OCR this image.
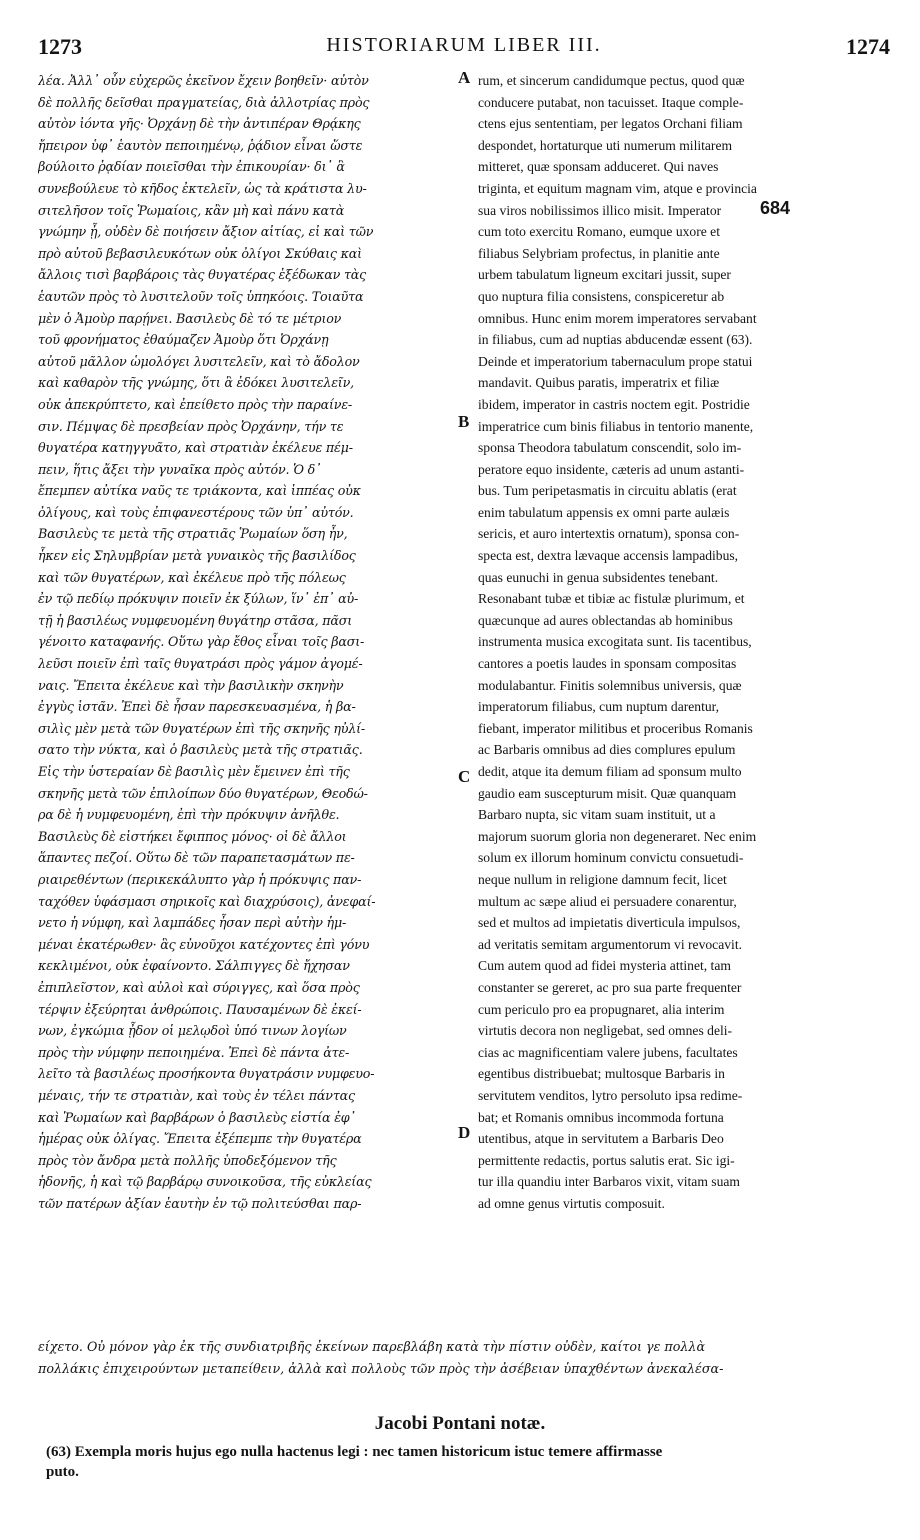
1273	HISTORIARUM LIBER III.	1274
λέα. Ἀλλ᾽ οὖν εὐχερῶς ἐκεῖνον ἔχειν βοηθεῖν· αὐτὸν
δὲ πολλῆς δεῖσθαι πραγματείας, διὰ ἀλλοτρίας πρὸς
αὐτὸν ἰόντα γῆς· Ὀρχάνῃ δὲ τὴν ἀντιπέραν Θρᾴκης
ἤπειρον ὑφ᾽ ἑαυτὸν πεποιημένῳ, ῥᾴδιον εἶναι ὥστε
βούλοιτο ῥᾳδίαν ποιεῖσθαι τὴν ἐπικουρίαν· δι᾽ ἃ
συνεβούλευε τὸ κῆδος ἐκτελεῖν, ὡς τὰ κράτιστα λυ-
σιτελῆσον τοῖς Ῥωμαίοις, κἂν μὴ καὶ πάνυ κατὰ
γνώμην ᾖ, οὐδὲν δὲ ποιήσειν ἄξιον αἰτίας, εἰ καὶ τῶν
πρὸ αὐτοῦ βεβασιλευκότων οὐκ ὀλίγοι Σκύθαις καὶ
ἄλλοις τισὶ βαρβάροις τὰς θυγατέρας ἐξέδωκαν τὰς
ἑαυτῶν πρὸς τὸ λυσιτελοῦν τοῖς ὑπηκόοις. Τοιαῦτα
μὲν ὁ Ἀμοὺρ παρῄνει. Βασιλεὺς δὲ τό τε μέτριον
τοῦ φρονήματος ἐθαύμαζεν Ἀμοὺρ ὅτι Ὀρχάνῃ
αὐτοῦ μᾶλλον ὡμολόγει λυσιτελεῖν, καὶ τὸ ἄδολον
καὶ καθαρὸν τῆς γνώμης, ὅτι ἃ ἐδόκει λυσιτελεῖν,
οὐκ ἀπεκρύπτετο, καὶ ἐπείθετο πρὸς τὴν παραίνε-
σιν. Πέμψας δὲ πρεσβείαν πρὸς Ὀρχάνην, τήν τε
θυγατέρα κατηγγυᾶτο, καὶ στρατιὰν ἐκέλευε πέμ-
πειν, ἥτις ἄξει τὴν γυναῖκα πρὸς αὐτόν. Ὁ δ᾽
ἔπεμπεν αὐτίκα ναῦς τε τριάκοντα, καὶ ἱππέας οὐκ
ὀλίγους, καὶ τοὺς ἐπιφανεστέρους τῶν ὑπ᾽ αὐτόν.
Βασιλεὺς τε μετὰ τῆς στρατιᾶς Ῥωμαίων ὅση ἦν,
ἧκεν εἰς Σηλυμβρίαν μετὰ γυναικὸς τῆς βασιλίδος
καὶ τῶν θυγατέρων, καὶ ἐκέλευε πρὸ τῆς πόλεως
ἐν τῷ πεδίῳ πρόκυψιν ποιεῖν ἐκ ξύλων, ἵν᾽ ἐπ᾽ αὐ-
τῇ ἡ βασιλέως νυμφευομένη θυγάτηρ στᾶσα, πᾶσι
γένοιτο καταφανής. Οὕτω γὰρ ἔθος εἶναι τοῖς βασι-
λεῦσι ποιεῖν ἐπὶ ταῖς θυγατράσι πρὸς γάμον ἀγομέ-
ναις. Ἔπειτα ἐκέλευε καὶ τὴν βασιλικὴν σκηνὴν
ἐγγὺς ἱστᾶν. Ἐπεὶ δὲ ἦσαν παρεσκευασμένα, ἡ βα-
σιλὶς μὲν μετὰ τῶν θυγατέρων ἐπὶ τῆς σκηνῆς ηὐλί-
σατο τὴν νύκτα, καὶ ὁ βασιλεὺς μετὰ τῆς στρατιᾶς.
Εἰς τὴν ὑστεραίαν δὲ βασιλὶς μὲν ἔμεινεν ἐπὶ τῆς
σκηνῆς μετὰ τῶν ἐπιλοίπων δύο θυγατέρων, Θεοδώ-
ρα δὲ ἡ νυμφευομένη, ἐπὶ τὴν πρόκυψιν ἀνῆλθε.
Βασιλεὺς δὲ εἱστήκει ἔφιππος μόνος· οἱ δὲ ἄλλοι
ἅπαντες πεζοί. Οὕτω δὲ τῶν παραπετασμάτων πε-
ριαιρεθέντων (περικεκάλυπτο γὰρ ἡ πρόκυψις παν-
ταχόθεν ὑφάσμασι σηρικοῖς καὶ διαχρύσοις), ἀνεφαί-
νετο ἡ νύμφη, καὶ λαμπάδες ἦσαν περὶ αὐτὴν ἡμ-
μέναι ἑκατέρωθεν· ἃς εὐνοῦχοι κατέχοντες ἐπὶ γόνυ
κεκλιμένοι, οὐκ ἐφαίνοντο. Σάλπιγγες δὲ ἤχησαν
ἐπιπλεῖστον, καὶ αὐλοὶ καὶ σύριγγες, καὶ ὅσα πρὸς
τέρψιν ἐξεύρηται ἀνθρώποις. Παυσαμένων δὲ ἐκεί-
νων, ἐγκώμια ᾖδον οἱ μελῳδοὶ ὑπό τινων λογίων
πρὸς τὴν νύμφην πεποιημένα. Ἐπεὶ δὲ πάντα ἀτε-
λεῖτο τὰ βασιλέως προσήκοντα θυγατράσιν νυμφευο-
μέναις, τήν τε στρατιὰν, καὶ τοὺς ἐν τέλει πάντας
καὶ Ῥωμαίων καὶ βαρβάρων ὁ βασιλεὺς εἱστία ἐφ᾽
ἡμέρας οὐκ ὀλίγας. Ἔπειτα ἐξέπεμπε τὴν θυγατέρα
πρὸς τὸν ἄνδρα μετὰ πολλῆς ὑποδεξόμενον τῆς
ἡδονῆς, ἡ καὶ τῷ βαρβάρῳ συνοικοῦσα, τῆς εὐκλείας
τῶν πατέρων ἀξίαν ἑαυτὴν ἐν τῷ πολιτεύσθαι παρ-
rum, et sincerum candidumque pectus, quod quæ
conducere putabat, non tacuisset. Itaque comple-
ctens ejus sententiam, per legatos Orchani filiam
despondet, hortaturque uti numerum militarem
mitteret, quæ sponsam adduceret. Qui naves
triginta, et equitum magnam vim, atque e provincia
sua viros nobilissimos illico misit. Imperator
cum toto exercitu Romano, eumque uxore et
filiabus Selybriam profectus, in planitie ante
urbem tabulatum ligneum excitari jussit, super
quo nuptura filia consistens, conspiceretur ab
omnibus. Hunc enim morem imperatores servabant
in filiabus, cum ad nuptias abducendæ essent (63).
Deinde et imperatorium tabernaculum prope statui
mandavit. Quibus paratis, imperatrix et filiæ
ibidem, imperator in castris noctem egit. Postridie
imperatrice cum binis filiabus in tentorio manente,
sponsa Theodora tabulatum conscendit, solo im-
peratore equo insidente, cæteris ad unum astanti-
bus. Tum peripetasmatis in circuitu ablatis (erat
enim tabulatum appensis ex omni parte aulæis
sericis, et auro intertextis ornatum), sponsa con-
specta est, dextra lævaque accensis lampadibus,
quas eunuchi in genua subsidentes tenebant.
Resonabant tubæ et tibiæ ac fistulæ plurimum, et
quæcunque ad aures oblectandas ab hominibus
instrumenta musica excogitata sunt. Iis tacentibus,
cantores a poetis laudes in sponsam compositas
modulabantur. Finitis solemnibus universis, quæ
imperatorum filiabus, cum nuptum darentur,
fiebant, imperator militibus et proceribus Romanis
ac Barbaris omnibus ad dies complures epulum
dedit, atque ita demum filiam ad sponsum multo
gaudio eam suscepturum misit. Quæ quanquam
Barbaro nupta, sic vitam suam instituit, ut a
majorum suorum gloria non degeneraret. Nec enim
solum ex illorum hominum convictu consuetudi-
neque nullum in religione damnum fecit, licet
multum ac sæpe aliud ei persuadere conarentur,
sed et multos ad impietatis diverticula impulsos,
ad veritatis semitam argumentorum vi revocavit.
Cum autem quod ad fidei mysteria attinet, tam
constanter se gereret, ac pro sua parte frequenter
cum periculo pro ea propugnaret, alia interim
virtutis decora non negligebat, sed omnes deli-
cias ac magnificentiam valere jubens, facultates
egentibus distribuebat; multosque Barbaris in
servitutem venditos, lytro persoluto ipsa redime-
bat; et Romanis omnibus incommoda fortuna
utentibus, atque in servitutem a Barbaris Deo
permittente redactis, portus salutis erat. Sic igi-
tur illa quandiu inter Barbaros vixit, vitam suam
ad omne genus virtutis composuit.
A
B
C
D
684
είχετο. Οὐ μόνον γὰρ ἐκ τῆς συνδιατριβῆς ἐκείνων παρεβλάβη κατὰ τὴν πίστιν οὐδὲν, καίτοι γε πολλὰ
πολλάκις ἐπιχειρούντων μεταπείθειν, ἀλλὰ καὶ πολλοὺς τῶν πρὸς τὴν ἀσέβειαν ὑπαχθέντων ἀνεκαλέσα-
Jacobi Pontani notæ.
(63) Exempla moris hujus ego nulla hactenus legi : nec tamen historicum istuc temere affirmasse
puto.
